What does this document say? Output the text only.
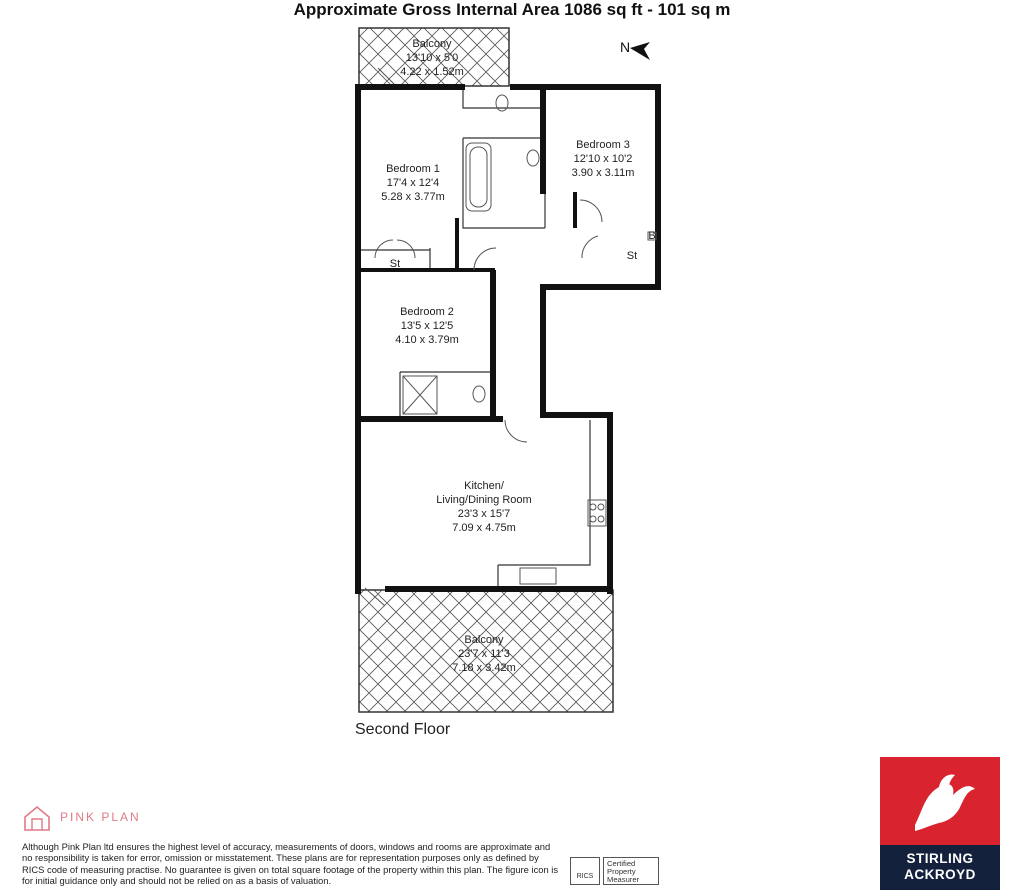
Approximate Gross Internal Area 1086 sq ft - 101 sq m
N
Balcony
13'10 x 5'0
4.22 x 1.52m
Bedroom 1
17'4 x 12'4
5.28 x 3.77m
Bedroom 3
12'10 x 10'2
3.90 x 3.11m
Bedroom 2
13'5 x 12'5
4.10 x 3.79m
Kitchen/
Living/Dining Room
23'3 x 15'7
7.09 x 4.75m
Balcony
23'7 x 11'3
7.18 x 3.42m
St
St
B
Second Floor
PINK PLAN
Although Pink Plan ltd ensures the highest level of accuracy, measurements of doors, windows and rooms are approximate and no responsibility is taken for error, omission or misstatement. These plans are for representation purposes only as defined by RICS code of measuring practise. No guarantee is given on total square footage of the property within this plan. The figure icon is for initial guidance only and should not be relied on as a basis of valuation.	RICS
Certified
Property
Measurer
STIRLING
ACKROYD
